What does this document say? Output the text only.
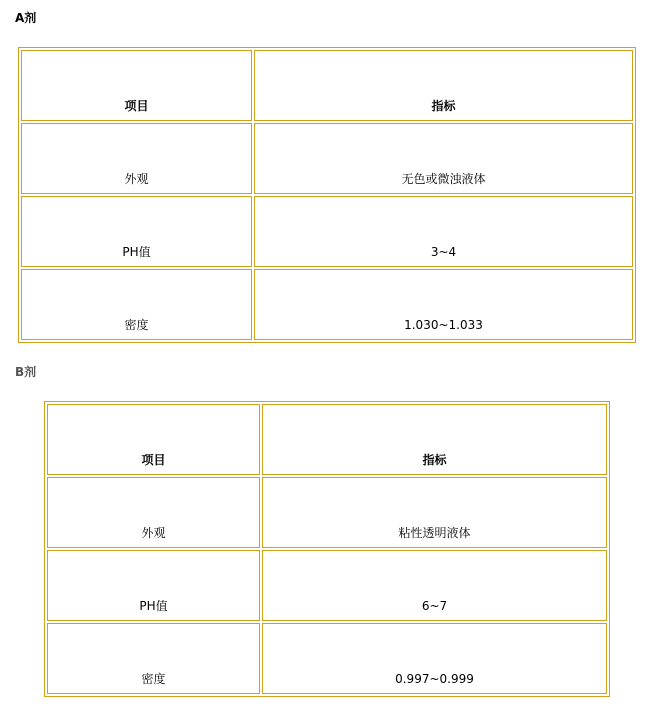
A剂
项目	指标
外观	无色或微浊液体
PH值	3~4
密度	1.030~1.033
B剂
项目	指标
外观	粘性透明液体
PH值	6~7
密度	0.997~0.999
